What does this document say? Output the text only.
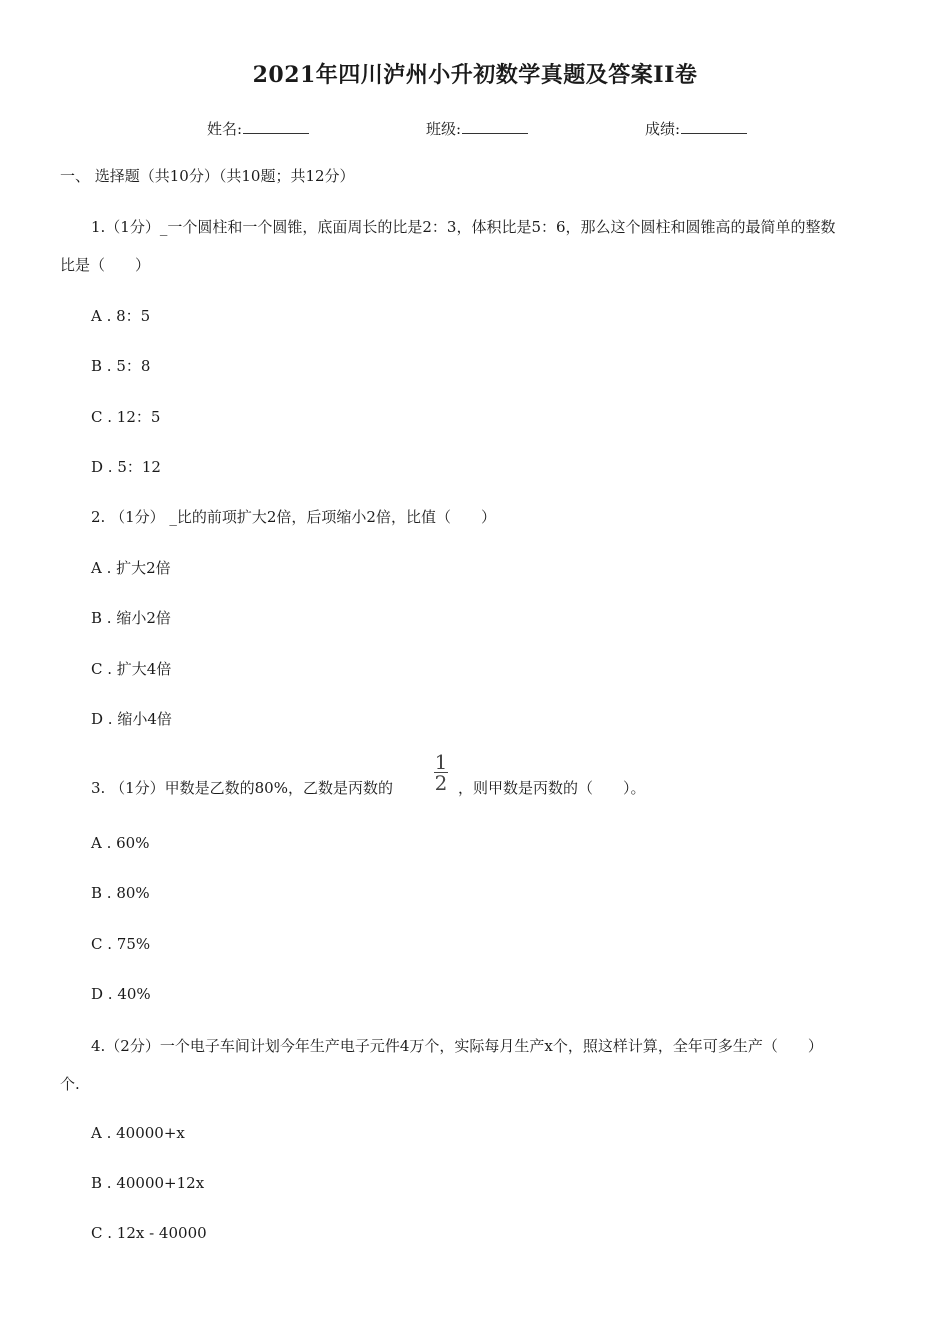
2021年四川泸州小升初数学真题及答案II卷
姓名:	班级:	成绩:
一、 选择题（共10分）（共10题；共12分）
1.（1分）_一个圆柱和一个圆锥，底面周长的比是2：3，体积比是5：6，那么这个圆柱和圆锥高的最简单的整数
比是（　　）
A . 8：5
B . 5：8
C . 12：5
D . 5：12
2. （1分） _比的前项扩大2倍，后项缩小2倍，比值（　　）
A . 扩大2倍
B . 缩小2倍
C . 扩大4倍
D . 缩小4倍
3. （1分）甲数是乙数的80%，乙数是丙数的
1
2 ，则甲数是丙数的（　　）。
A . 60%
B . 80%
C . 75%
D . 40%
4.（2分）一个电子车间计划今年生产电子元件4万个，实际每月生产x个，照这样计算，全年可多生产（　　）
个.
A . 40000+x
B . 40000+12x
C . 12x - 40000
